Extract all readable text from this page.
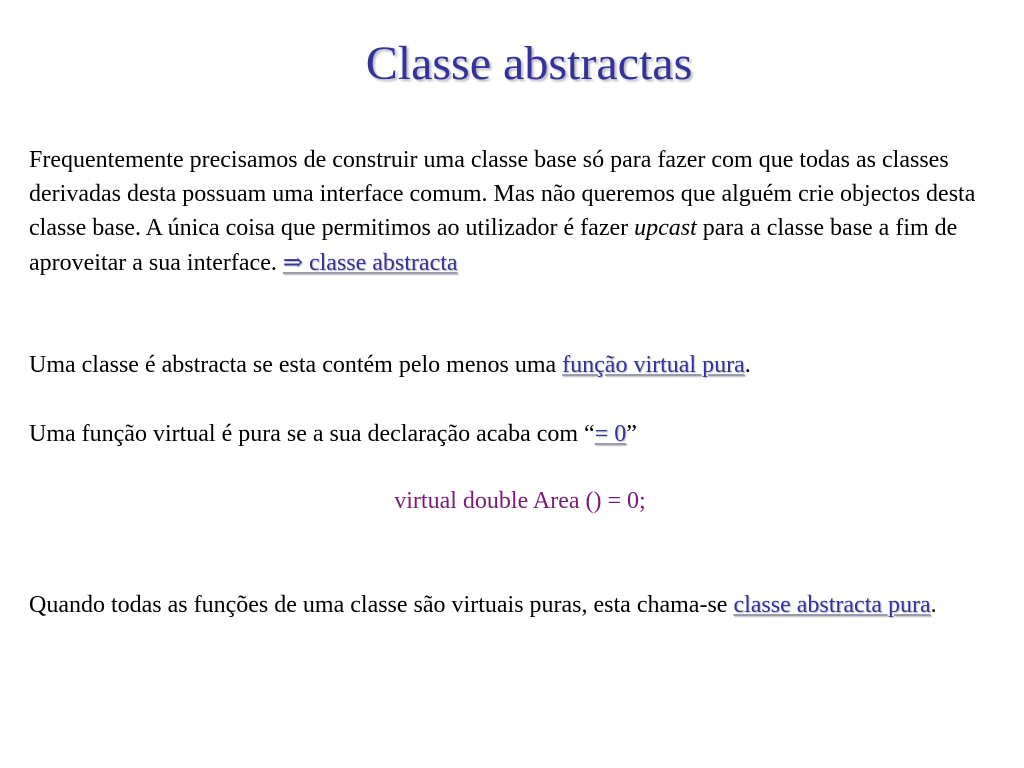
Classe abstractas
Frequentemente precisamos de construir uma classe base só para fazer com que todas as classes derivadas desta possuam uma interface comum. Mas não queremos que alguém crie objectos desta classe base. A única coisa que permitimos ao utilizador é fazer upcast para a classe base a fim de aproveitar a sua interface. ⇒ classe abstracta
Uma classe é abstracta se esta contém pelo menos uma função virtual pura.
Uma função virtual é pura se a sua declaração acaba com “= 0”
virtual double Area () = 0;
Quando todas as funções de uma classe são virtuais puras, esta chama-se classe abstracta pura.
